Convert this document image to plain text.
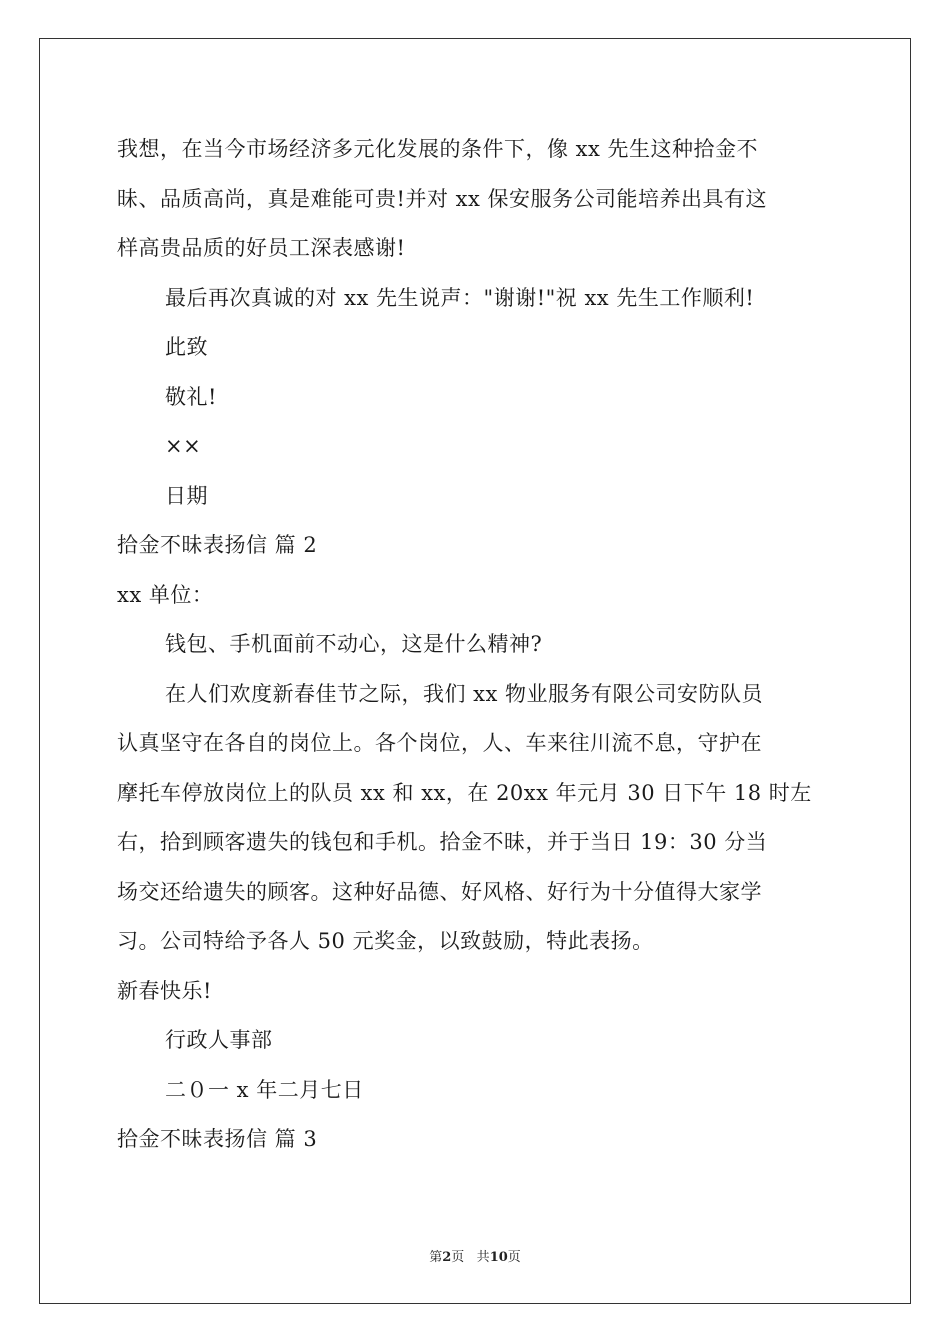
我想，在当今市场经济多元化发展的条件下，像 xx 先生这种拾金不
昧、品质高尚，真是难能可贵!并对 xx 保安服务公司能培养出具有这
样高贵品质的好员工深表感谢!
最后再次真诚的对 xx 先生说声："谢谢!"祝 xx 先生工作顺利!
此致
敬礼!
××
日期
拾金不昧表扬信 篇 2
xx 单位：
钱包、手机面前不动心，这是什么精神?
在人们欢度新春佳节之际，我们 xx 物业服务有限公司安防队员
认真坚守在各自的岗位上。各个岗位，人、车来往川流不息，守护在
摩托车停放岗位上的队员 xx 和 xx，在 20xx 年元月 30 日下午 18 时左
右，拾到顾客遗失的钱包和手机。拾金不昧，并于当日 19：30 分当
场交还给遗失的顾客。这种好品德、好风格、好行为十分值得大家学
习。公司特给予各人 50 元奖金，以致鼓励，特此表扬。
新春快乐!
行政人事部
二０一 x 年二月七日
拾金不昧表扬信 篇 3
第2页 共10页
